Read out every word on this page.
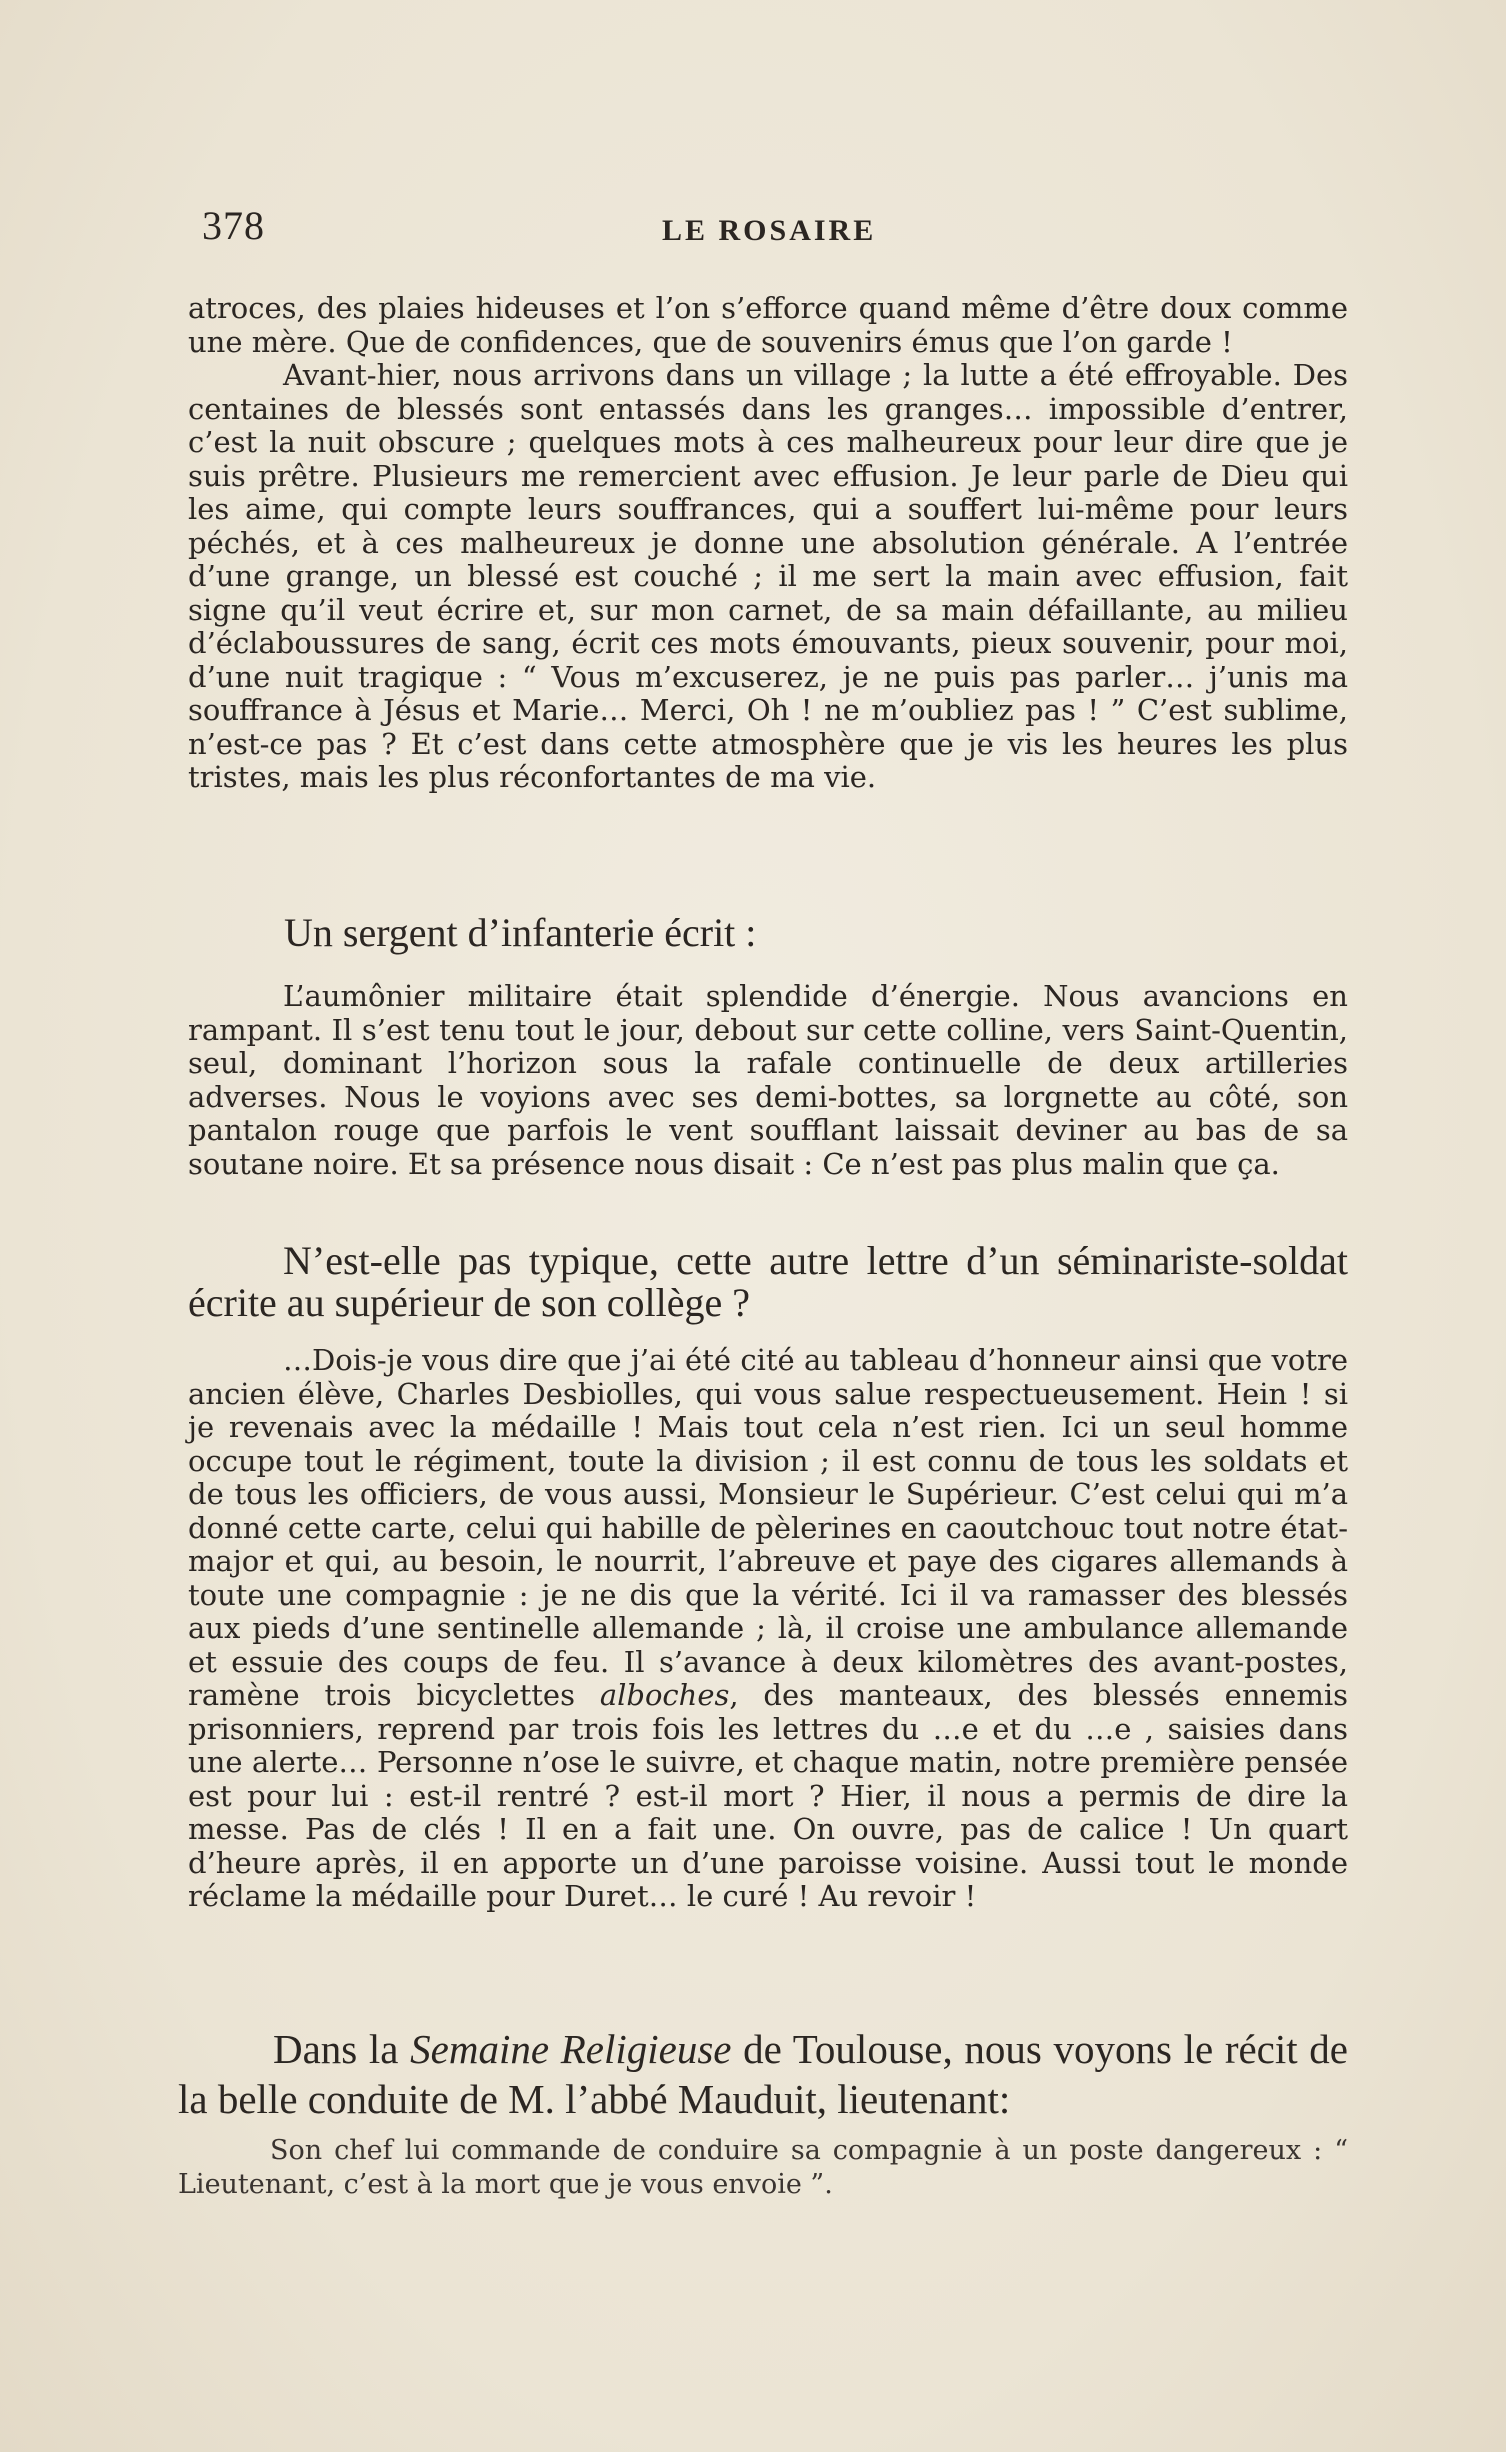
378	LE ROSAIRE

atroces, des plaies hideuses et l’on s’efforce quand même d’être doux comme une mère. Que de confidences, que de souvenirs émus que l’on garde !

Avant-hier, nous arrivons dans un village ; la lutte a été effroyable. Des centaines de blessés sont entassés dans les granges… impossible d’entrer, c’est la nuit obscure ; quelques mots à ces malheureux pour leur dire que je suis prêtre. Plusieurs me remercient avec effusion. Je leur parle de Dieu qui les aime, qui compte leurs souffrances, qui a souffert lui-même pour leurs péchés, et à ces malheureux je donne une absolution générale. A l’entrée d’une grange, un blessé est couché ; il me sert la main avec effusion, fait signe qu’il veut écrire et, sur mon carnet, de sa main défaillante, au milieu d’éclaboussures de sang, écrit ces mots émouvants, pieux souvenir, pour moi, d’une nuit tragique : “ Vous m’excuserez, je ne puis pas parler… j’unis ma souffrance à Jésus et Marie… Merci, Oh ! ne m’oubliez pas ! ” C’est sublime, n’est-ce pas ? Et c’est dans cette atmosphère que je vis les heures les plus tristes, mais les plus réconfortantes de ma vie.

Un sergent d’infanterie écrit :

L’aumônier militaire était splendide d’énergie. Nous avancions en rampant. Il s’est tenu tout le jour, debout sur cette colline, vers Saint-Quentin, seul, dominant l’horizon sous la rafale continuelle de deux artilleries adverses. Nous le voyions avec ses demi-bottes, sa lorgnette au côté, son pantalon rouge que parfois le vent soufflant laissait deviner au bas de sa soutane noire. Et sa présence nous disait : Ce n’est pas plus malin que ça.

N’est-elle pas typique, cette autre lettre d’un séminariste-soldat écrite au supérieur de son collège ?

…Dois-je vous dire que j’ai été cité au tableau d’honneur ainsi que votre ancien élève, Charles Desbiolles, qui vous salue respectueusement. Hein ! si je revenais avec la médaille ! Mais tout cela n’est rien. Ici un seul homme occupe tout le régiment, toute la division ; il est connu de tous les soldats et de tous les officiers, de vous aussi, Monsieur le Supérieur. C’est celui qui m’a donné cette carte, celui qui habille de pèlerines en caoutchouc tout notre état-major et qui, au besoin, le nourrit, l’abreuve et paye des cigares allemands à toute une compagnie : je ne dis que la vérité. Ici il va ramasser des blessés aux pieds d’une sentinelle allemande ; là, il croise une ambulance allemande et essuie des coups de feu. Il s’avance à deux kilomètres des avant-postes, ramène trois bicyclettes alboches, des manteaux, des blessés ennemis prisonniers, reprend par trois fois les lettres du …e et du …e , saisies dans une alerte… Personne n’ose le suivre, et chaque matin, notre première pensée est pour lui : est-il rentré ? est-il mort ? Hier, il nous a permis de dire la messe. Pas de clés ! Il en a fait une. On ouvre, pas de calice ! Un quart d’heure après, il en apporte un d’une paroisse voisine. Aussi tout le monde réclame la médaille pour Duret… le curé ! Au revoir !

Dans la Semaine Religieuse de Toulouse, nous voyons le récit de la belle conduite de M. l’abbé Mauduit, lieutenant:

Son chef lui commande de conduire sa compagnie à un poste dangereux : “ Lieutenant, c’est à la mort que je vous envoie ”.
